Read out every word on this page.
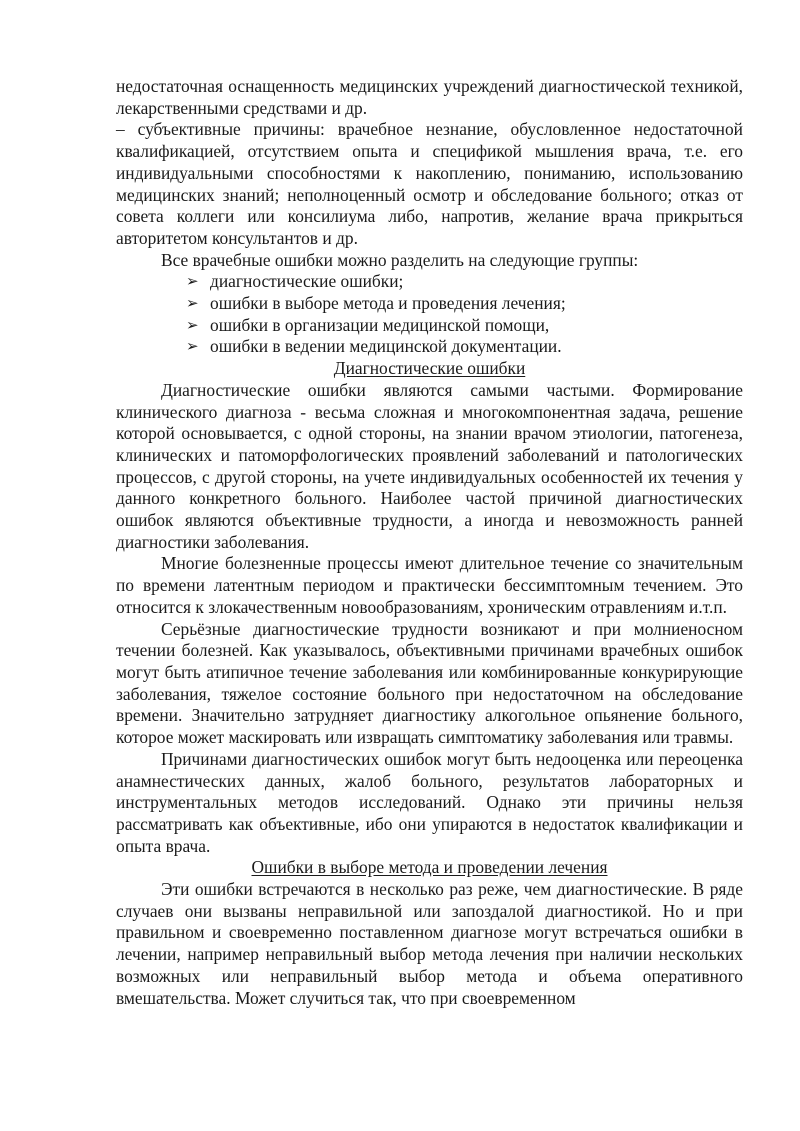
недостаточная оснащенность медицинских учреждений диагностической техникой, лекарственными средствами и др.

– субъективные причины: врачебное незнание, обусловленное недостаточной квалификацией, отсутствием опыта и спецификой мышления врача, т.е. его индивидуальными способностями к накоплению, пониманию, использованию медицинских знаний; неполноценный осмотр и обследование больного; отказ от совета коллеги или консилиума либо, напротив, желание врача прикрыться авторитетом консультантов и др.

Все врачебные ошибки можно разделить на следующие группы:

➢ диагностические ошибки;
➢ ошибки в выборе метода и проведения лечения;
➢ ошибки в организации медицинской помощи,
➢ ошибки в ведении медицинской документации.

Диагностические ошибки

Диагностические ошибки являются самыми частыми. Формирование клинического диагноза - весьма сложная и многокомпонентная задача, решение которой основывается, с одной стороны, на знании врачом этиологии, патогенеза, клинических и патоморфологических проявлений заболеваний и патологических процессов, с другой стороны, на учете индивидуальных особенностей их течения у данного конкретного больного. Наиболее частой причиной диагностических ошибок являются объективные трудности, а иногда и невозможность ранней диагностики заболевания.

Многие болезненные процессы имеют длительное течение со значительным по времени латентным периодом и практически бессимптомным течением. Это относится к злокачественным новообразованиям, хроническим отравлениям и.т.п.

Серьёзные диагностические трудности возникают и при молниеносном течении болезней. Как указывалось, объективными причинами врачебных ошибок могут быть атипичное течение заболевания или комбинированные конкурирующие заболевания, тяжелое состояние больного при недостаточном на обследование времени. Значительно затрудняет диагностику алкогольное опьянение больного, которое может маскировать или извращать симптоматику заболевания или травмы.

Причинами диагностических ошибок могут быть недооценка или переоценка анамнестических данных, жалоб больного, результатов лабораторных и инструментальных методов исследований. Однако эти причины нельзя рассматривать как объективные, ибо они упираются в недостаток квалификации и опыта врача.

Ошибки в выборе метода и проведении лечения

Эти ошибки встречаются в несколько раз реже, чем диагностические. В ряде случаев они вызваны неправильной или запоздалой диагностикой. Но и при правильном и своевременно поставленном диагнозе могут встречаться ошибки в лечении, например неправильный выбор метода лечения при наличии нескольких возможных или неправильный выбор метода и объема оперативного вмешательства. Может случиться так, что при своевременном
